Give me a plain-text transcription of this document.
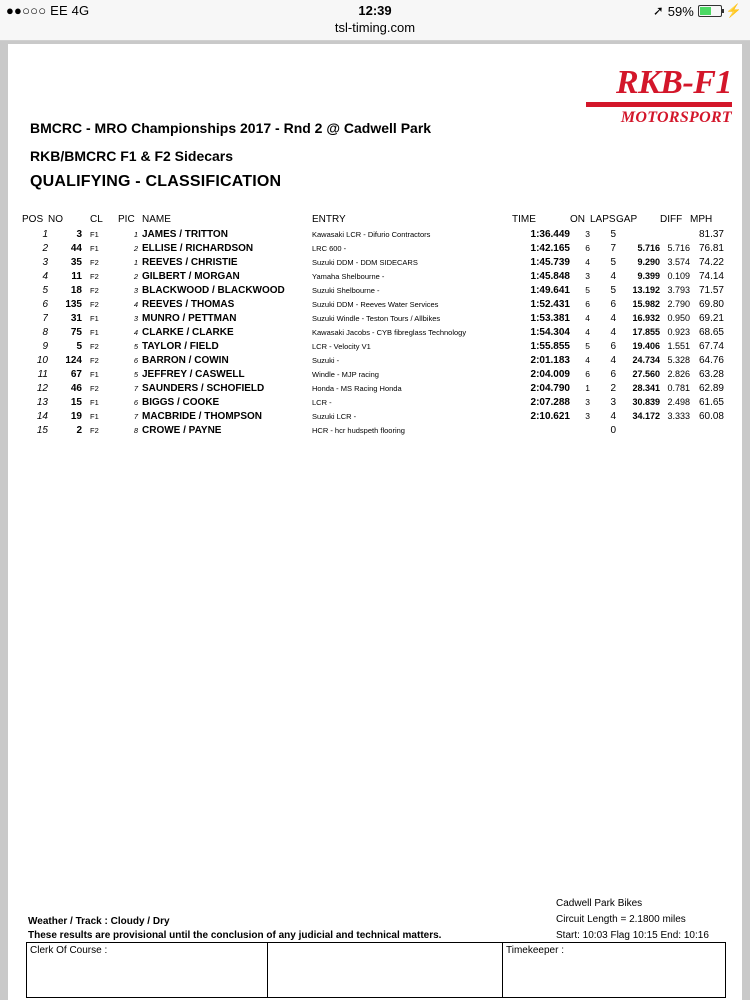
●●○○○ EE 4G	12:39	➚ 59% ⚡
tsl-timing.com
RKB-F1
MOTORSPORT
BMCRC - MRO Championships 2017 - Rnd 2 @ Cadwell Park
RKB/BMCRC F1 & F2 Sidecars
QUALIFYING - CLASSIFICATION
POS	NO	CL	PIC	NAME	ENTRY	TIME	ON	LAPS	GAP	DIFF	MPH
1	3	F1	1	JAMES / TRITTON	Kawasaki LCR - Difurio Contractors	1:36.449	3	5			81.37
2	44	F1	2	ELLISE / RICHARDSON	LRC 600 -	1:42.165	6	7	5.716	5.716	76.81
3	35	F2	1	REEVES / CHRISTIE	Suzuki DDM - DDM SIDECARS	1:45.739	4	5	9.290	3.574	74.22
4	11	F2	2	GILBERT / MORGAN	Yamaha Shelbourne -	1:45.848	3	4	9.399	0.109	74.14
5	18	F2	3	BLACKWOOD / BLACKWOOD	Suzuki Shelbourne -	1:49.641	5	5	13.192	3.793	71.57
6	135	F2	4	REEVES / THOMAS	Suzuki DDM - Reeves Water Services	1:52.431	6	6	15.982	2.790	69.80
7	31	F1	3	MUNRO / PETTMAN	Suzuki Windle - Teston Tours / Allbikes	1:53.381	4	4	16.932	0.950	69.21
8	75	F1	4	CLARKE / CLARKE	Kawasaki Jacobs - CYB fibreglass Technology	1:54.304	4	4	17.855	0.923	68.65
9	5	F2	5	TAYLOR / FIELD	LCR - Velocity V1	1:55.855	5	6	19.406	1.551	67.74
10	124	F2	6	BARRON / COWIN	Suzuki -	2:01.183	4	4	24.734	5.328	64.76
11	67	F1	5	JEFFREY / CASWELL	Windle - MJP racing	2:04.009	6	6	27.560	2.826	63.28
12	46	F2	7	SAUNDERS / SCHOFIELD	Honda - MS Racing Honda	2:04.790	1	2	28.341	0.781	62.89
13	15	F1	6	BIGGS / COOKE	LCR -	2:07.288	3	3	30.839	2.498	61.65
14	19	F1	7	MACBRIDE / THOMPSON	Suzuki LCR -	2:10.621	3	4	34.172	3.333	60.08
15	2	F2	8	CROWE / PAYNE	HCR - hcr hudspeth flooring			0			
Cadwell Park Bikes
Circuit Length = 2.1800 miles
Start: 10:03 Flag 10:15 End: 10:16
Weather / Track : Cloudy / Dry
These results are provisional until the conclusion of any judicial and technical matters.
Clerk Of Course :	Timekeeper :
